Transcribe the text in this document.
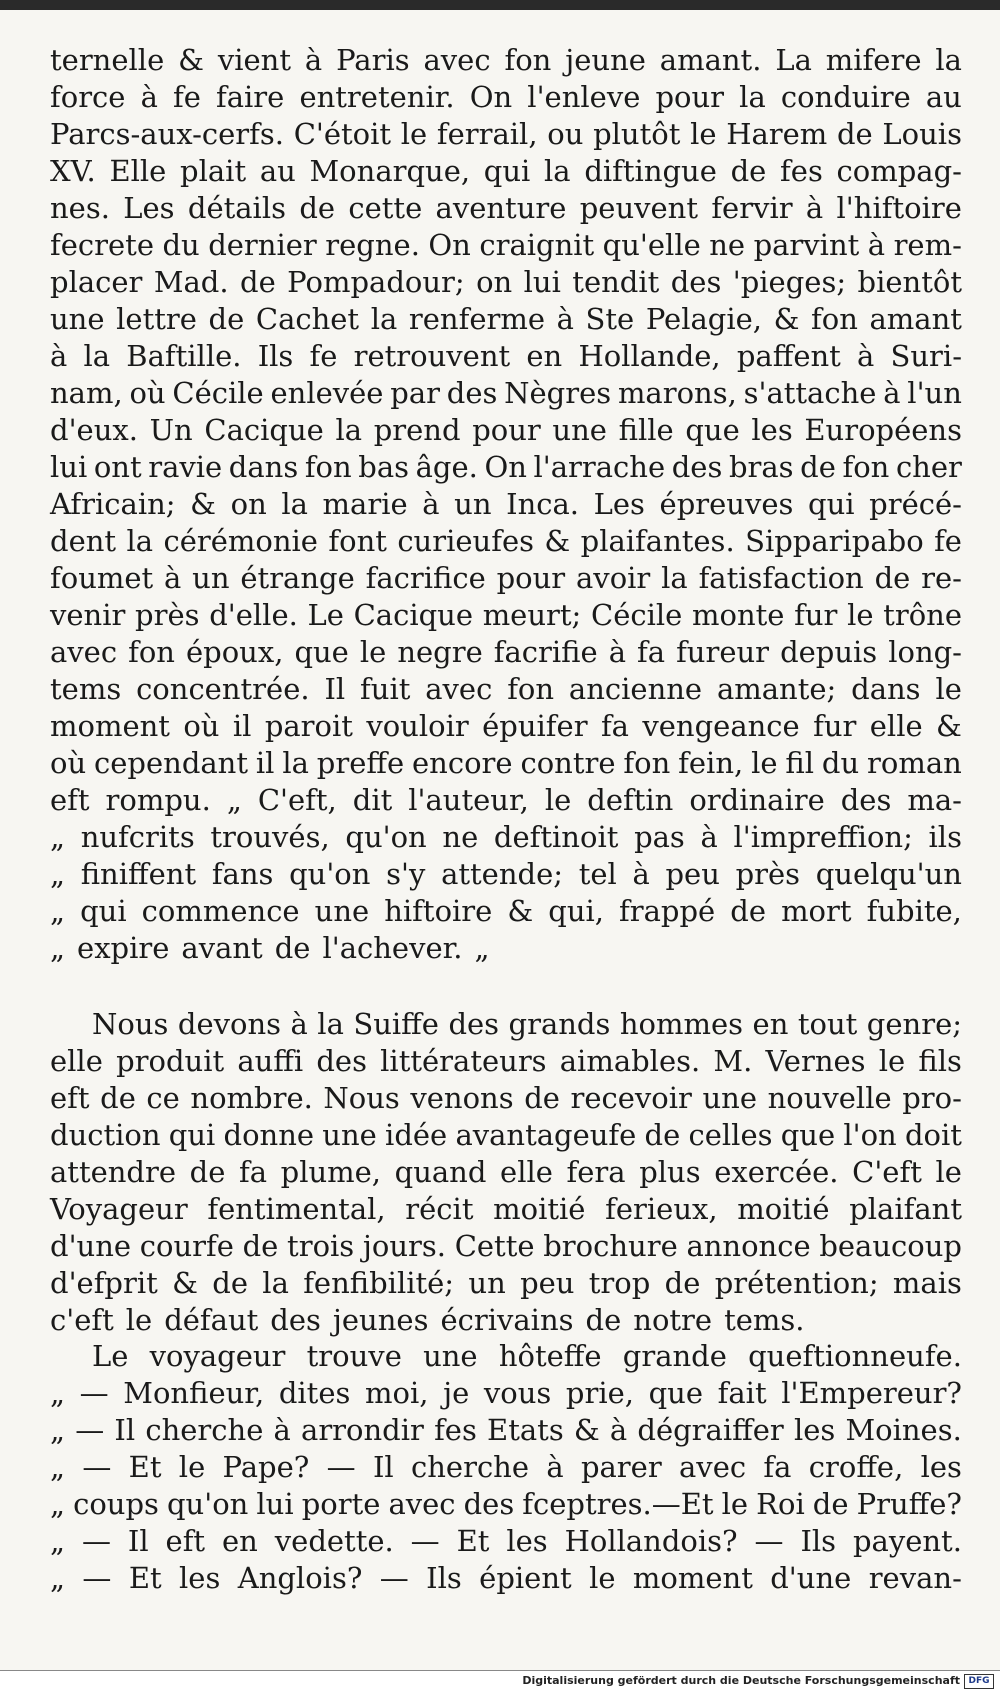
ternelle & vient à Paris avec fon jeune amant. La mifere la
force à fe faire entretenir. On l'enleve pour la conduire au
Parcs-aux-cerfs. C'étoit le ferrail, ou plutôt le Harem de Louis
XV. Elle plait au Monarque, qui la diftingue de fes compag-
nes. Les détails de cette aventure peuvent fervir à l'hiftoire
fecrete du dernier regne. On craignit qu'elle ne parvint à rem-
placer Mad. de Pompadour; on lui tendit des 'pieges; bientôt
une lettre de Cachet la renferme à Ste Pelagie, & fon amant
à la Baftille. Ils fe retrouvent en Hollande, paffent à Suri-
nam, où Cécile enlevée par des Nègres marons, s'attache à l'un
d'eux. Un Cacique la prend pour une fille que les Européens
lui ont ravie dans fon bas âge. On l'arrache des bras de fon cher
Africain; & on la marie à un Inca. Les épreuves qui précé-
dent la cérémonie font curieufes & plaifantes. Sipparipabo fe
foumet à un étrange facrifice pour avoir la fatisfaction de re-
venir près d'elle. Le Cacique meurt; Cécile monte fur le trône
avec fon époux, que le negre facrifie à fa fureur depuis long-
tems concentrée. Il fuit avec fon ancienne amante; dans le
moment où il paroit vouloir épuifer fa vengeance fur elle &
où cependant il la preffe encore contre fon fein, le fil du roman
eft rompu. „ C'eft, dit l'auteur, le deftin ordinaire des ma-
„ nufcrits trouvés, qu'on ne deftinoit pas à l'impreffion; ils
„ finiffent fans qu'on s'y attende; tel à peu près quelqu'un
„ qui commence une hiftoire & qui, frappé de mort fubite,
„ expire avant de l'achever. „
Nous devons à la Suiffe des grands hommes en tout genre;
elle produit auffi des littérateurs aimables. M. Vernes le fils
eft de ce nombre. Nous venons de recevoir une nouvelle pro-
duction qui donne une idée avantageufe de celles que l'on doit
attendre de fa plume, quand elle fera plus exercée. C'eft le
Voyageur fentimental, récit moitié ferieux, moitié plaifant
d'une courfe de trois jours. Cette brochure annonce beaucoup
d'efprit & de la fenfibilité; un peu trop de prétention; mais
c'eft le défaut des jeunes écrivains de notre tems.
Le voyageur trouve une hôteffe grande queftionneufe.
„ — Monfieur, dites moi, je vous prie, que fait l'Empereur?
„ — Il cherche à arrondir fes Etats & à dégraiffer les Moines.
„ — Et le Pape? — Il cherche à parer avec fa croffe, les
„ coups qu'on lui porte avec des fceptres.—Et le Roi de Pruffe?
„ — Il eft en vedette. — Et les Hollandois? — Ils payent.
„ — Et les Anglois? — Ils épient le moment d'une revan-
Digitalisierung gefördert durch die Deutsche Forschungsgemeinschaft DFG
